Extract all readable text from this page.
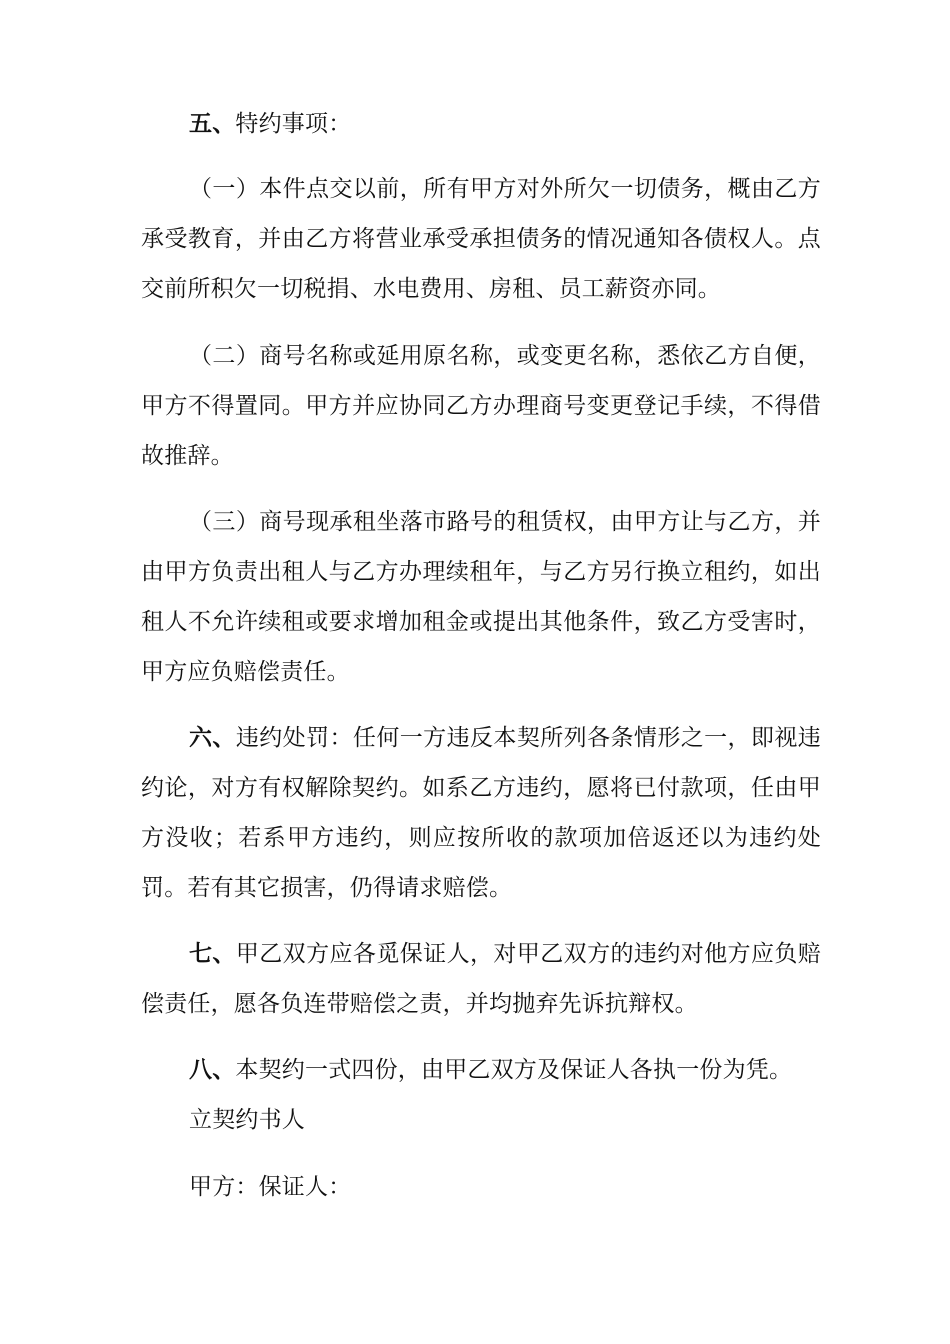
五、特约事项：

（一）本件点交以前，所有甲方对外所欠一切债务，概由乙方承受教育，并由乙方将营业承受承担债务的情况通知各债权人。点交前所积欠一切税捐、水电费用、房租、员工薪资亦同。

（二）商号名称或延用原名称，或变更名称，悉依乙方自便，甲方不得置同。甲方并应协同乙方办理商号变更登记手续，不得借故推辞。

（三）商号现承租坐落市路号的租赁权，由甲方让与乙方，并由甲方负责出租人与乙方办理续租年，与乙方另行换立租约，如出租人不允许续租或要求增加租金或提出其他条件，致乙方受害时，甲方应负赔偿责任。

六、违约处罚：任何一方违反本契所列各条情形之一，即视违约论，对方有权解除契约。如系乙方违约，愿将已付款项，任由甲方没收；若系甲方违约，则应按所收的款项加倍返还以为违约处罚。若有其它损害，仍得请求赔偿。

七、甲乙双方应各觅保证人，对甲乙双方的违约对他方应负赔偿责任，愿各负连带赔偿之责，并均抛弃先诉抗辩权。

八、本契约一式四份，由甲乙双方及保证人各执一份为凭。

立契约书人

甲方：保证人：
